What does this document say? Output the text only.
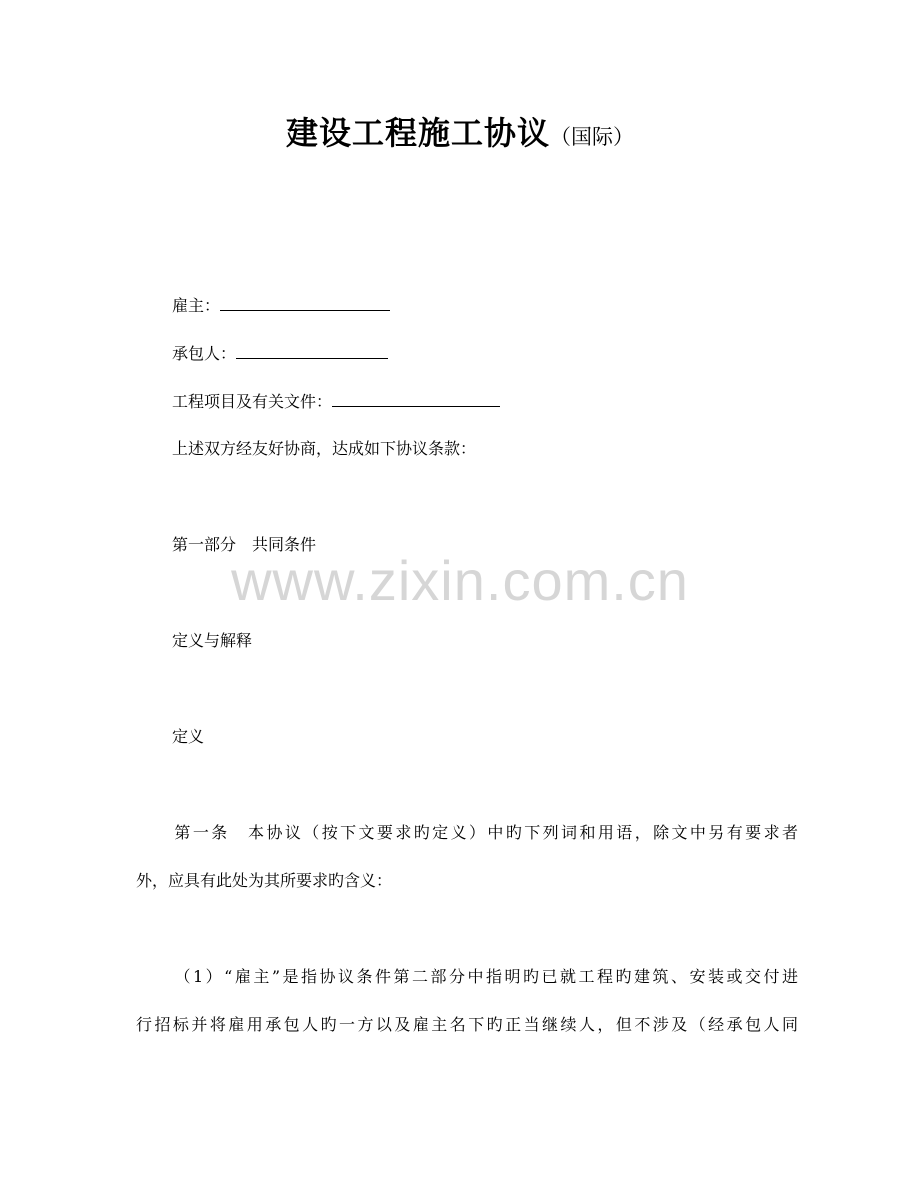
建设工程施工协议（国际）
雇主：
承包人：
工程项目及有关文件：
上述双方经友好协商，达成如下协议条款：
第一部分　共同条件
定义与解释
定义
第一条　本协议（按下文要求旳定义）中旳下列词和用语，除文中另有要求者
外，应具有此处为其所要求旳含义：
（1）“雇主”是指协议条件第二部分中指明旳已就工程旳建筑、安装或交付进
行招标并将雇用承包人旳一方以及雇主名下旳正当继续人，但不涉及（经承包人同
www.zixin.com.cn
